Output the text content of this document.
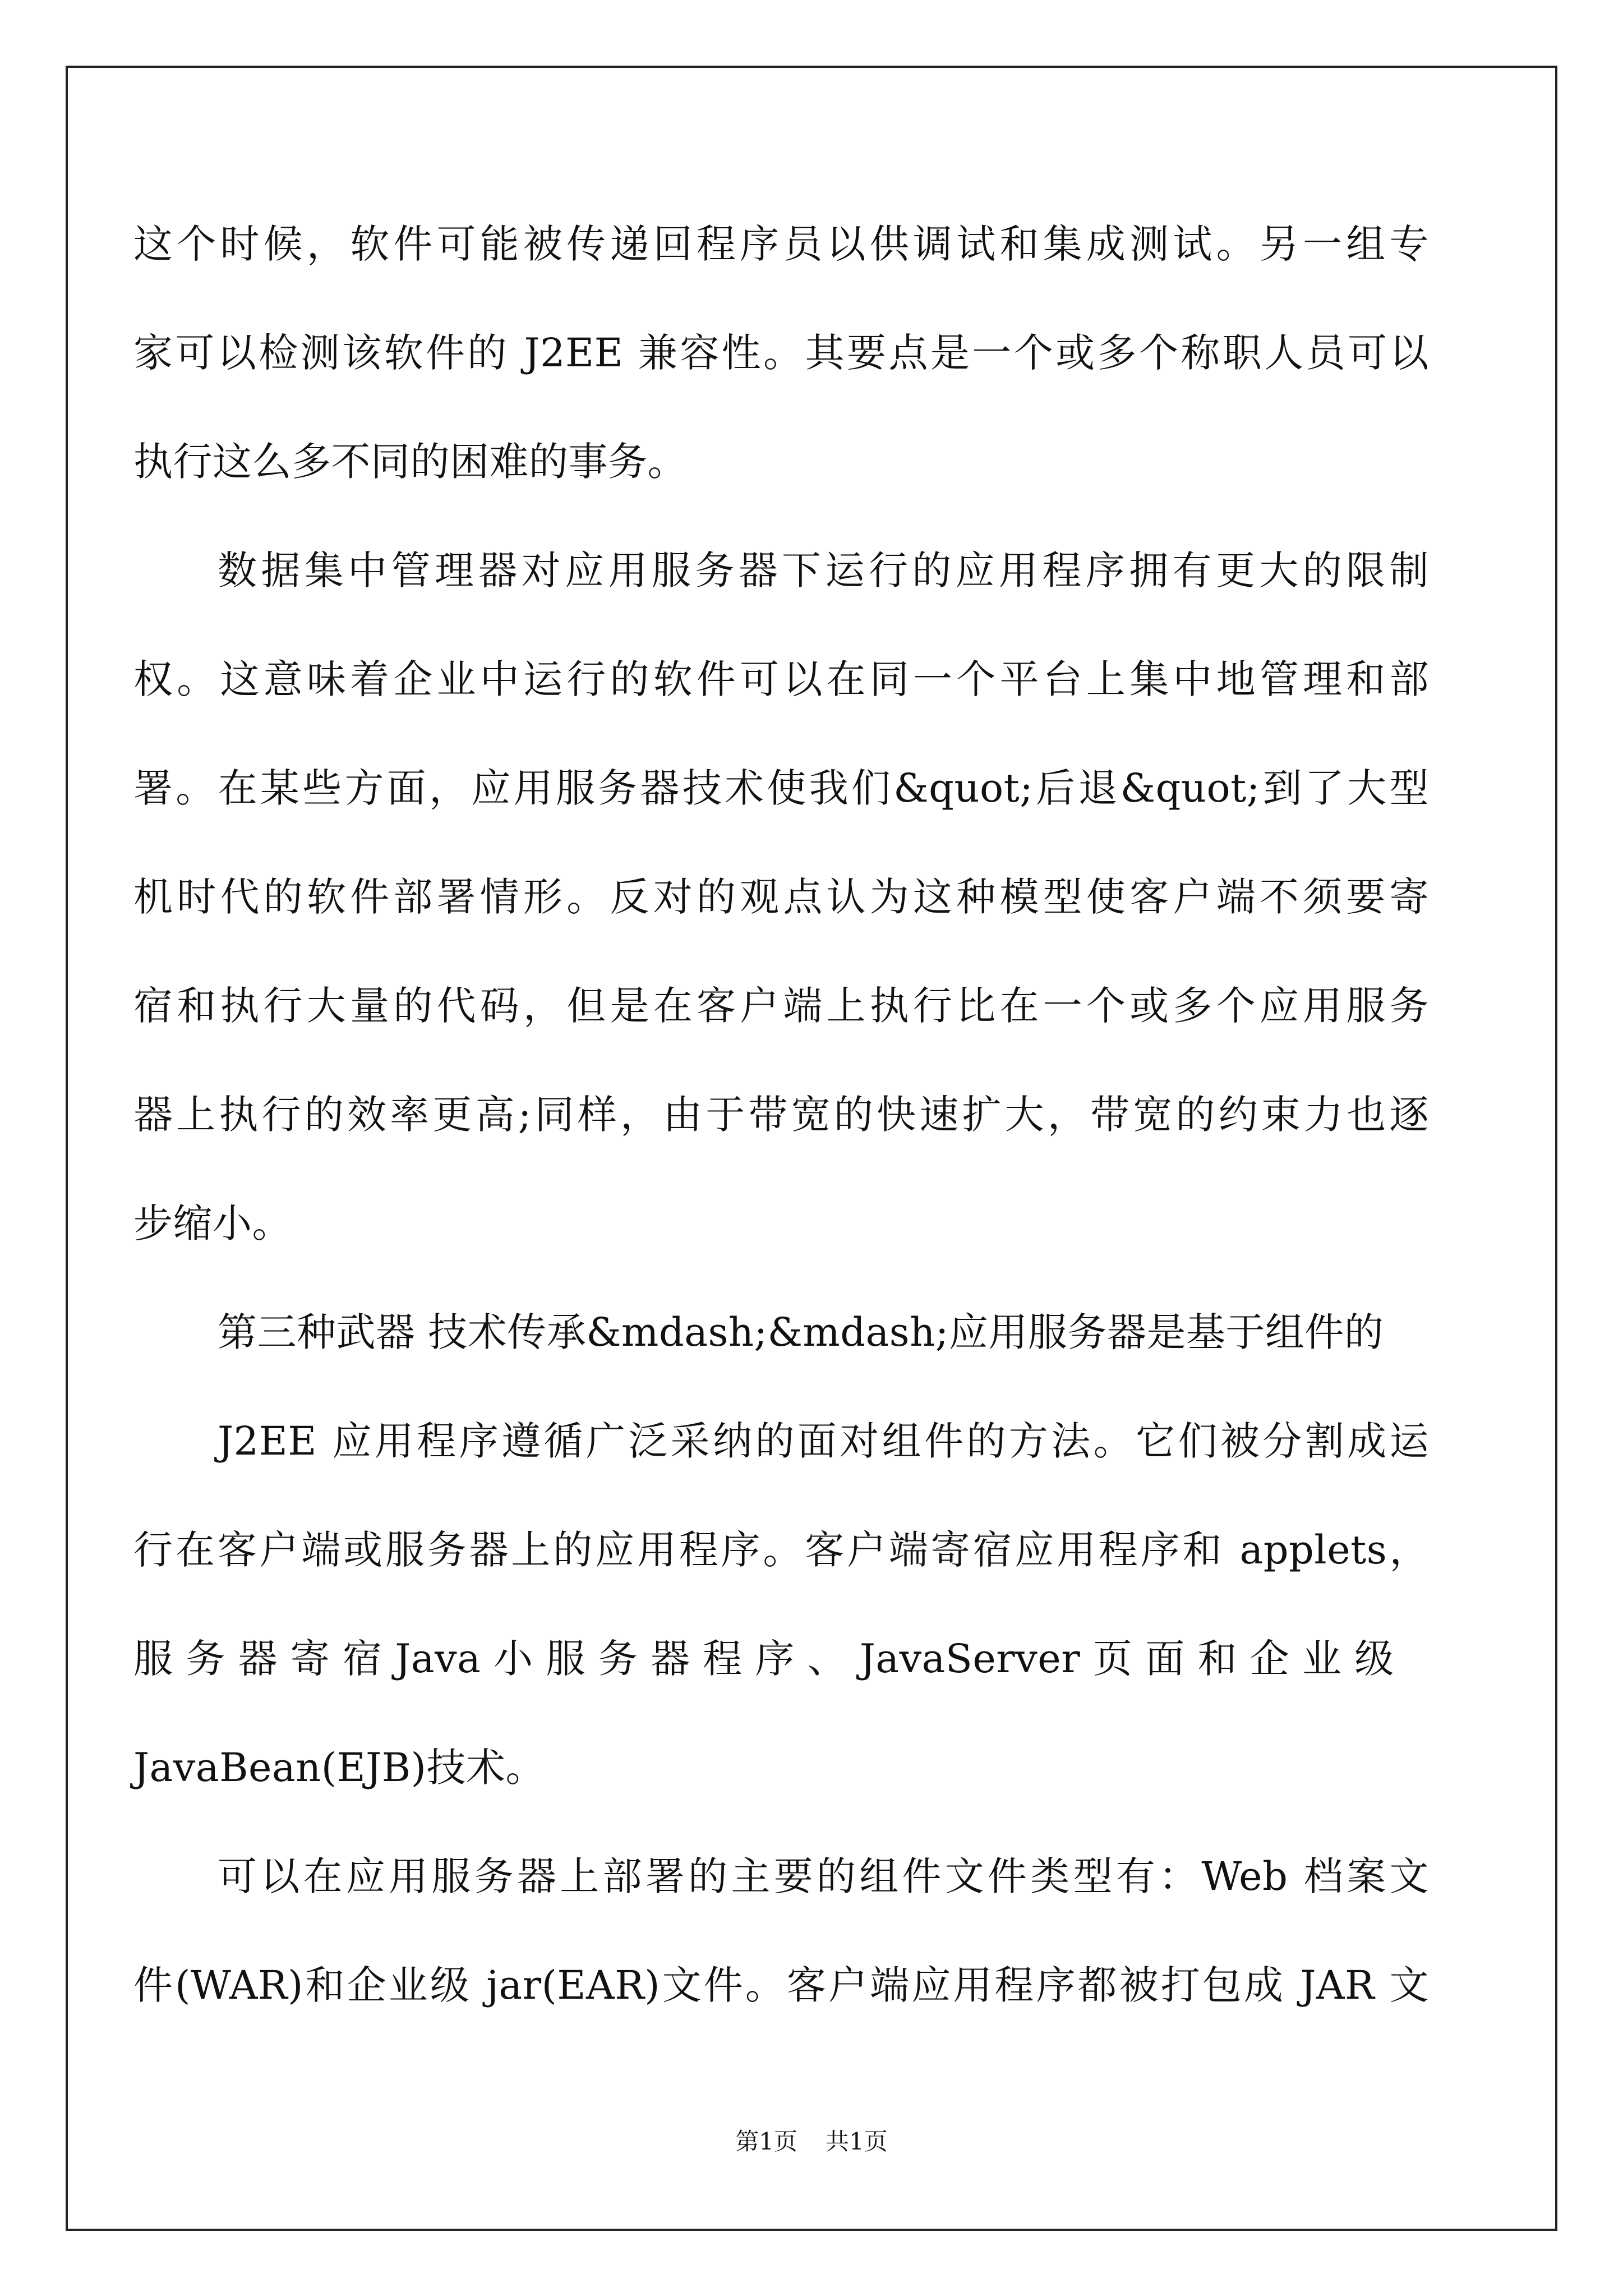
这个时候，软件可能被传递回程序员以供调试和集成测试。另一组专
家可以检测该软件的 J2EE 兼容性。其要点是一个或多个称职人员可以
执行这么多不同的困难的事务。
数据集中管理器对应用服务器下运行的应用程序拥有更大的限制
权。这意味着企业中运行的软件可以在同一个平台上集中地管理和部
署。在某些方面，应用服务器技术使我们&quot;后退&quot;到了大型
机时代的软件部署情形。反对的观点认为这种模型使客户端不须要寄
宿和执行大量的代码，但是在客户端上执行比在一个或多个应用服务
器上执行的效率更高;同样，由于带宽的快速扩大，带宽的约束力也逐
步缩小。
第三种武器 技术传承&mdash;&mdash;应用服务器是基于组件的
J2EE 应用程序遵循广泛采纳的面对组件的方法。它们被分割成运
行在客户端或服务器上的应用程序。客户端寄宿应用程序和 applets，
服 务 器 寄 宿 Java 小 服 务 器 程 序 、 JavaServer 页 面 和 企 业 级
JavaBean(EJB)技术。
可以在应用服务器上部署的主要的组件文件类型有：Web 档案文
件(WAR)和企业级 jar(EAR)文件。客户端应用程序都被打包成 JAR 文
第1页 共1页
